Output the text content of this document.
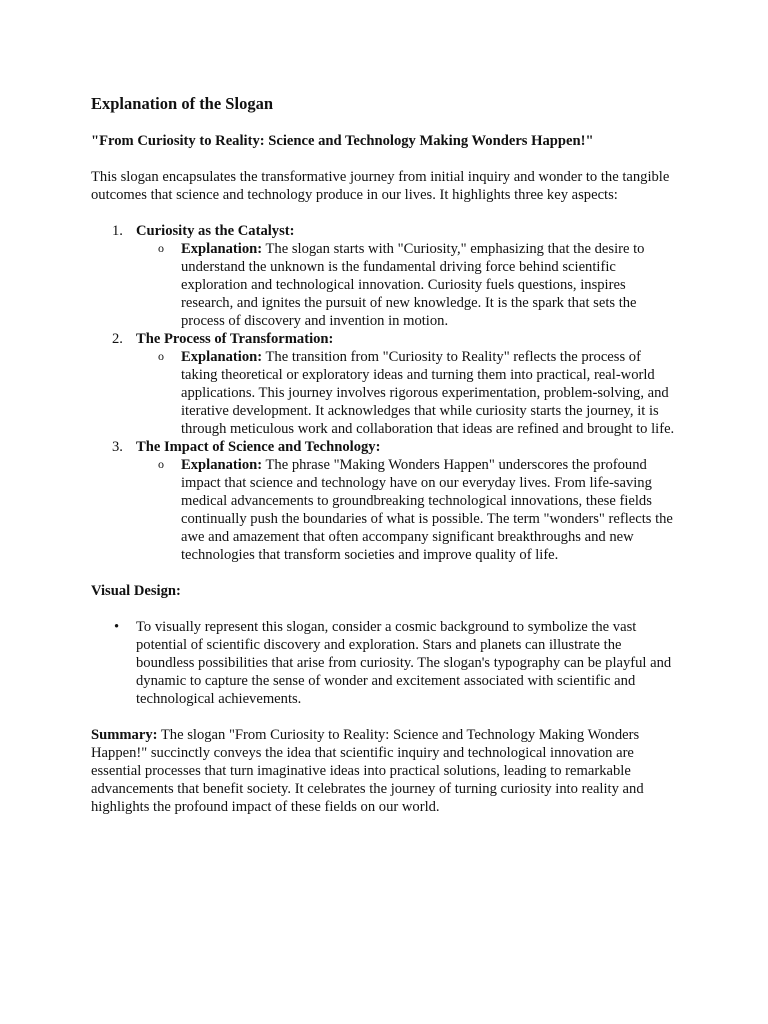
Explanation of the Slogan
"From Curiosity to Reality: Science and Technology Making Wonders Happen!"

This slogan encapsulates the transformative journey from initial inquiry and wonder to the tangible outcomes that science and technology produce in our lives. It highlights three key aspects:

1. Curiosity as the Catalyst:
o Explanation: The slogan starts with "Curiosity," emphasizing that the desire to understand the unknown is the fundamental driving force behind scientific exploration and technological innovation. Curiosity fuels questions, inspires research, and ignites the pursuit of new knowledge. It is the spark that sets the process of discovery and invention in motion.
2. The Process of Transformation:
o Explanation: The transition from "Curiosity to Reality" reflects the process of taking theoretical or exploratory ideas and turning them into practical, real-world applications. This journey involves rigorous experimentation, problem-solving, and iterative development. It acknowledges that while curiosity starts the journey, it is through meticulous work and collaboration that ideas are refined and brought to life.
3. The Impact of Science and Technology:
o Explanation: The phrase "Making Wonders Happen" underscores the profound impact that science and technology have on our everyday lives. From life-saving medical advancements to groundbreaking technological innovations, these fields continually push the boundaries of what is possible. The term "wonders" reflects the awe and amazement that often accompany significant breakthroughs and new technologies that transform societies and improve quality of life.

Visual Design:

• To visually represent this slogan, consider a cosmic background to symbolize the vast potential of scientific discovery and exploration. Stars and planets can illustrate the boundless possibilities that arise from curiosity. The slogan's typography can be playful and dynamic to capture the sense of wonder and excitement associated with scientific and technological achievements.

Summary: The slogan "From Curiosity to Reality: Science and Technology Making Wonders Happen!" succinctly conveys the idea that scientific inquiry and technological innovation are essential processes that turn imaginative ideas into practical solutions, leading to remarkable advancements that benefit society. It celebrates the journey of turning curiosity into reality and highlights the profound impact of these fields on our world.
